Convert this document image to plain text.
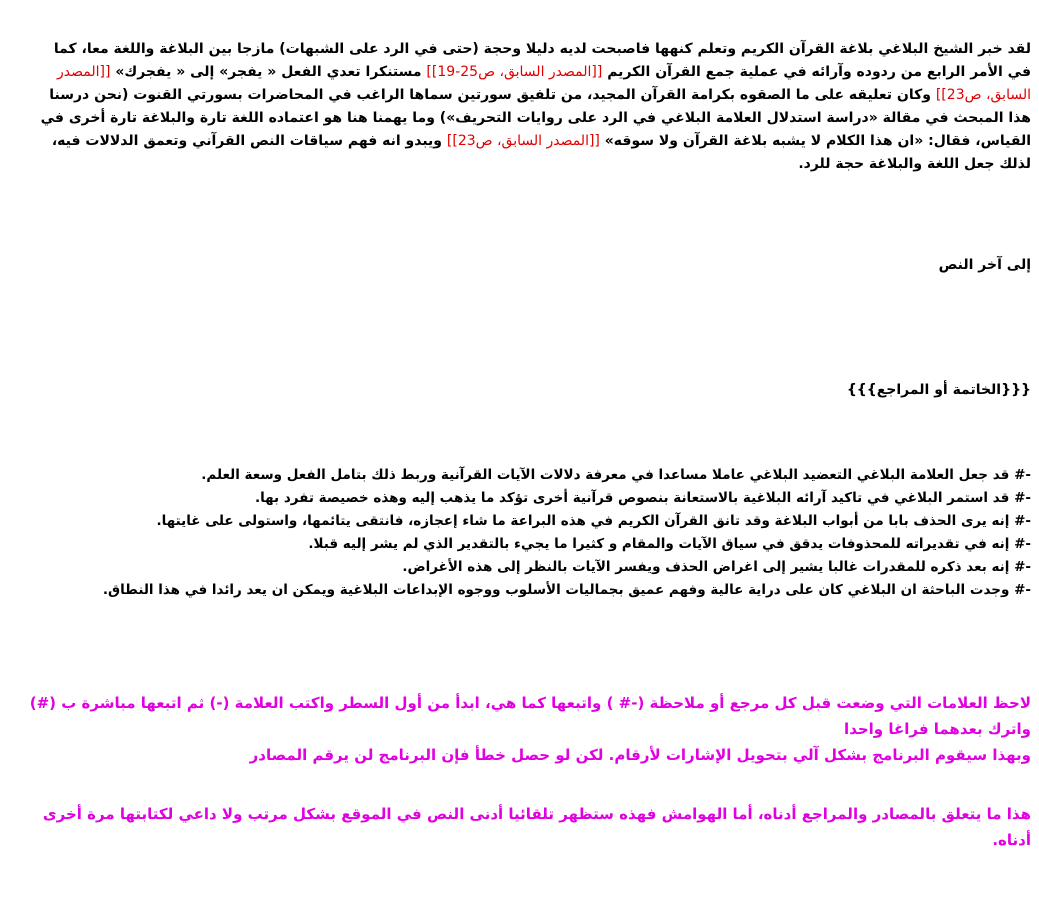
لقد خبر الشيخ البلاغي بلاغة القرآن الكريم وتعلم كنهها فاصبحت لديه دليلا وحجة (حتى في الرد على الشبهات) مازجا بين البلاغة واللغة معا، كما في الأمر الرابع من ردوده وآرائه في عملية جمع القرآن الكريم [[المصدر السابق، ص25-19]] مستنكرا تعدي الفعل « يفجر» إلى « يفجرك» [[المصدر السابق، ص23]] وكان تعليقه على ما الصقوه بكرامة القرآن المجيد، من تلفيق سورتين سماها الراغب في المحاضرات بسورتي القنوت (نحن درسنا هذا المبحث في مقالة «دراسة استدلال العلامة البلاغي في الرد على روايات التحريف») وما يهمنا هنا هو اعتماده اللغة تارة والبلاغة تارة أخرى في القياس، فقال: «ان هذا الكلام لا يشبه بلاغة القرآن ولا سوقه» [[المصدر السابق، ص23]] ويبدو انه فهم سياقات النص القرآني وتعمق الدلالات فيه، لذلك جعل اللغة والبلاغة حجة للرد.
إلى آخر النص
{{{الخاتمة أو المراجع}}}
-# قد جعل العلامة البلاغي التعضيد البلاغي عاملا مساعدا في معرفة دلالات الآيات القرآنية وربط ذلك بتامل الفعل وسعة العلم.
-# قد استمر البلاغي في تاكيد آرائه البلاغية بالاستعانة بنصوص قرآنية أخرى تؤكد ما يذهب إليه وهذه خصيصة تفرد بها.
-# إنه يرى الحذف بابا من أبواب البلاغة وقد تانق القرآن الكريم في هذه البراعة ما شاء إعجازه، فانتقى يتائمها، واستولى على غايتها.
-# إنه في تقديراته للمحذوفات يدقق في سياق الآيات والمقام و كثيرا ما يجيء بالتقدير الذي لم يشر إليه قبلا.
-# إنه بعد ذكره للمقدرات غالبا يشير إلى اغراض الحذف ويفسر الآيات بالنظر إلى هذه الأغراض.
-# وجدت الباحثة ان البلاغي كان على دراية عالية وفهم عميق بجماليات الأسلوب ووجوه الإبداعات البلاغية ويمكن ان يعد رائدا في هذا النطاق.
لاحظ العلامات التي وضعت قبل كل مرجع أو ملاحظة (-# ) واتبعها كما هي، ابدأ من أول السطر واكتب العلامة (-) ثم اتبعها مباشرة ب (#) واترك بعدهما فراغا واحدا
وبهذا سيقوم البرنامج بشكل آلي بتحويل الإشارات لأرقام. لكن لو حصل خطأ فإن البرنامج لن يرقم المصادر
هذا ما يتعلق بالمصادر والمراجع أدناه، أما الهوامش فهذه ستظهر تلقائيا أدنى النص في الموقع بشكل مرتب ولا داعي لكتابتها مرة أخرى أدناه.
